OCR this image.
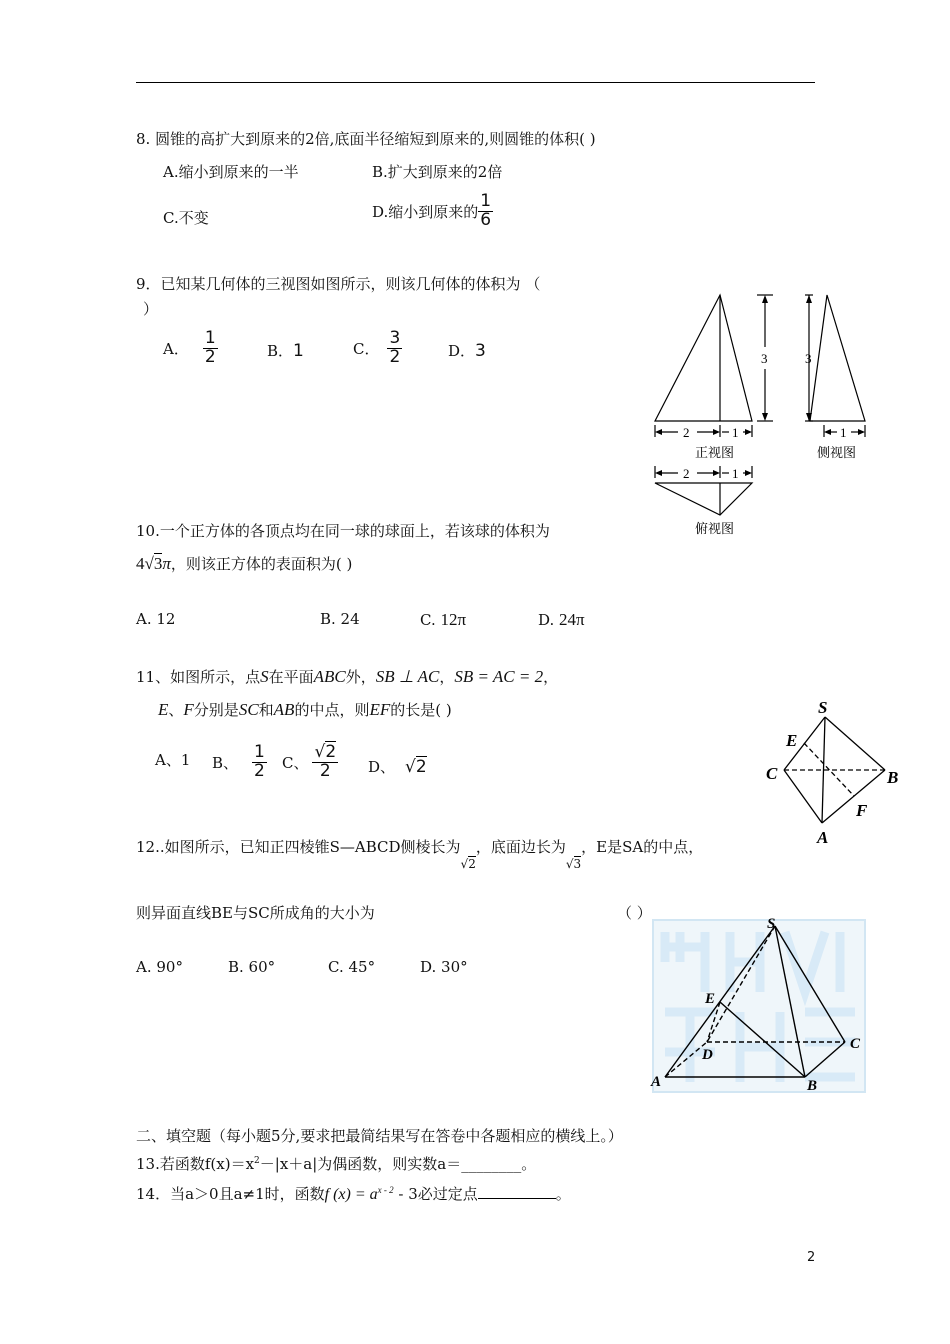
8. 圆锥的高扩大到原来的2倍,底面半径缩短到原来的,则圆锥的体积( )
A.缩小到原来的一半	B.扩大到原来的2倍
C.不变	D.缩小到原来的 $\frac{1}{6}$
9．已知某几何体的三视图如图所示，则该几何体的体积为 （
）
A． $\frac{1}{2}$	B．1	C． $\frac{3}{2}$	D．3	3	3
2	1	1
2	1
正视图	侧视图
俯视图
10.一个正方体的各顶点均在同一球的球面上，若该球的体积为
4√3π，则该正方体的表面积为( )
A. 12	B. 24	C. 12π	D. 24π
11、如图所示，点S在平面ABC外，SB ⊥ AC，SB = AC = 2，
E、F分别是SC和AB的中点，则EF的长是( )
A、1 B、 $\frac{1}{2}$ C、 $\frac{√2}{2}$ D、 √2
S
E
C	B
F
A
12..如图所示，已知正四棱锥S—ABCD侧棱长为$_{√2}$，底面边长为$_{√3}$，E是SA的中点，
则异面直线BE与SC所成角的大小为	（ ）
A. 90°	B. 60°	C. 45°	D. 30°
S
E
D
C
A	B
二、填空题（每小题5分,要求把最简结果写在答卷中各题相应的横线上。）
13.若函数$f(x)=x^2-|x+a|$为偶函数，则实数a＝________。
14．当a＞0且a≠1时，函数f $(x) = a^{x - 2} - 3$必过定点	。
2
